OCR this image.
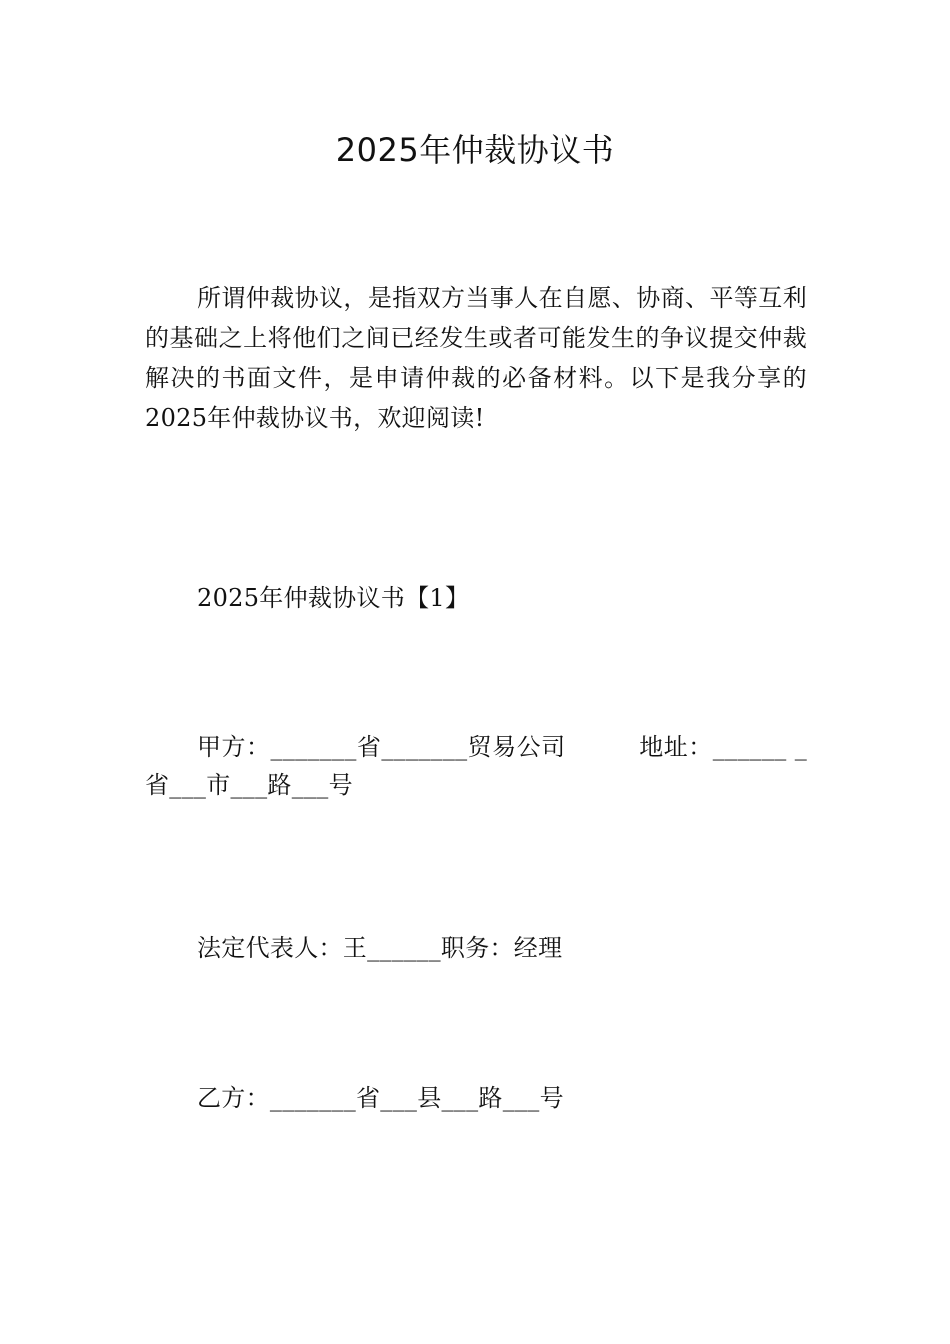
2025年仲裁协议书

所谓仲裁协议，是指双方当事人在自愿、协商、平等互利的基础之上将他们之间已经发生或者可能发生的争议提交仲裁解决的书面文件，是申请仲裁的必备材料。以下是我分享的2025年仲裁协议书，欢迎阅读!

2025年仲裁协议书【1】

甲方：_______省_______贸易公司　　　地址：______ _省___市___路___号

法定代表人：王______职务：经理

乙方：_______省___县___路___号
